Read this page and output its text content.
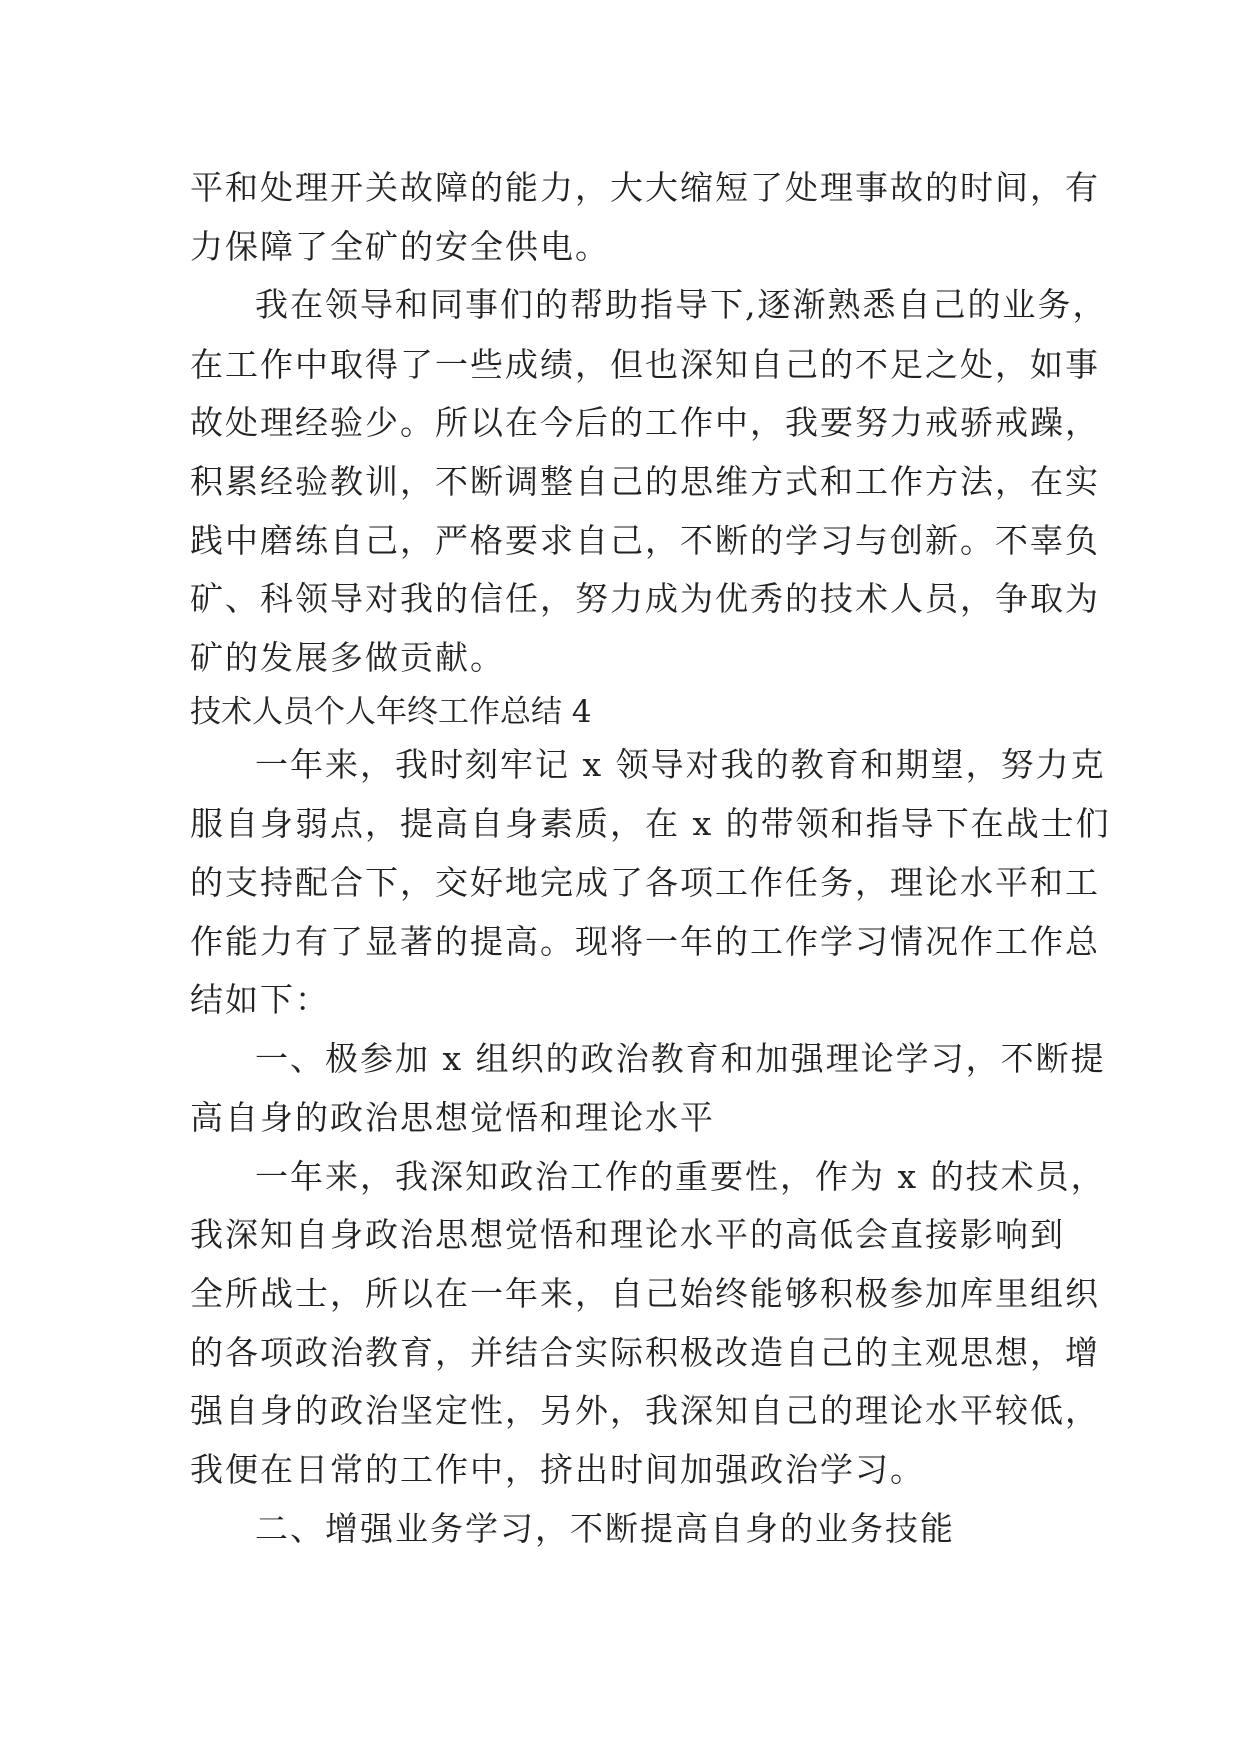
平和处理开关故障的能力，大大缩短了处理事故的时间，有
力保障了全矿的安全供电。
我在领导和同事们的帮助指导下,逐渐熟悉自己的业务，
在工作中取得了一些成绩，但也深知自己的不足之处，如事
故处理经验少。所以在今后的工作中，我要努力戒骄戒躁，
积累经验教训，不断调整自己的思维方式和工作方法，在实
践中磨练自己，严格要求自己，不断的学习与创新。不辜负
矿、科领导对我的信任，努力成为优秀的技术人员，争取为
矿的发展多做贡献。
技术人员个人年终工作总结 4
一年来，我时刻牢记 x 领导对我的教育和期望，努力克
服自身弱点，提高自身素质，在 x 的带领和指导下在战士们
的支持配合下，交好地完成了各项工作任务，理论水平和工
作能力有了显著的提高。现将一年的工作学习情况作工作总
结如下：
一、极参加 x 组织的政治教育和加强理论学习，不断提
高自身的政治思想觉悟和理论水平
一年来，我深知政治工作的重要性，作为 x 的技术员，
我深知自身政治思想觉悟和理论水平的高低会直接影响到
全所战士，所以在一年来，自己始终能够积极参加库里组织
的各项政治教育，并结合实际积极改造自己的主观思想，增
强自身的政治坚定性，另外，我深知自己的理论水平较低，
我便在日常的工作中，挤出时间加强政治学习。
二、增强业务学习，不断提高自身的业务技能
